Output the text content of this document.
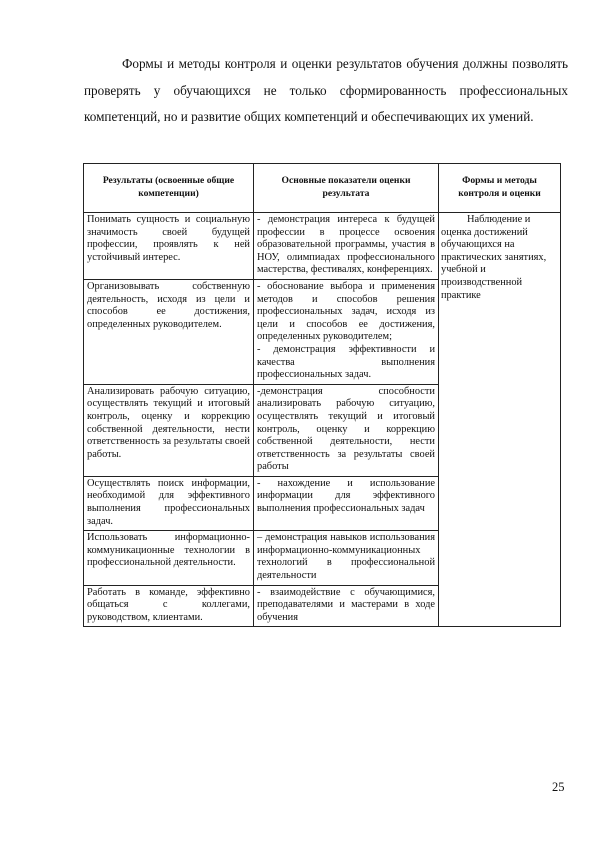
Формы и методы контроля и оценки результатов обучения должны позволять проверять у обучающихся не только сформированность профессиональных компетенций, но и развитие общих компетенций и обеспечивающих их умений.

Результаты (освоенные общие компетенции)	Основные показатели оценки результата	Формы и методы контроля и оценки
Понимать сущность и социальную значимость своей будущей профессии, проявлять к ней устойчивый интерес.	- демонстрация интереса к будущей профессии в процессе освоения образовательной программы, участия в НОУ, олимпиадах профессионального мастерства, фестивалях, конференциях.	Наблюдение и оценка достижений обучающихся на практических занятиях, учебной и производственной практике

Организовывать собственную деятельность, исходя из цели и способов ее достижения, определенных руководителем.	- обоснование выбора и применения методов и способов решения профессиональных задач, исходя из цели и способов ее достижения, определенных руководителем;
- демонстрация эффективности и качества выполнения профессиональных задач.	
Анализировать рабочую ситуацию, осуществлять текущий и итоговый контроль, оценку и коррекцию собственной деятельности, нести ответственность за результаты своей работы.	-демонстрация способности анализировать рабочую ситуацию, осуществлять текущий и итоговый контроль, оценку и коррекцию собственной деятельности, нести ответственность за результаты своей работы	
Осуществлять поиск информации, необходимой для эффективного выполнения профессиональных задач.	- нахождение и использование информации для эффективного выполнения профессиональных задач	
Использовать информационно-коммуникационные технологии в профессиональной деятельности.	– демонстрация навыков использования информационно-коммуникационных технологий в профессиональной деятельности	
Работать в команде, эффективно общаться с коллегами, руководством, клиентами.	- взаимодействие с обучающимися, преподавателями и мастерами в ходе обучения	
25
